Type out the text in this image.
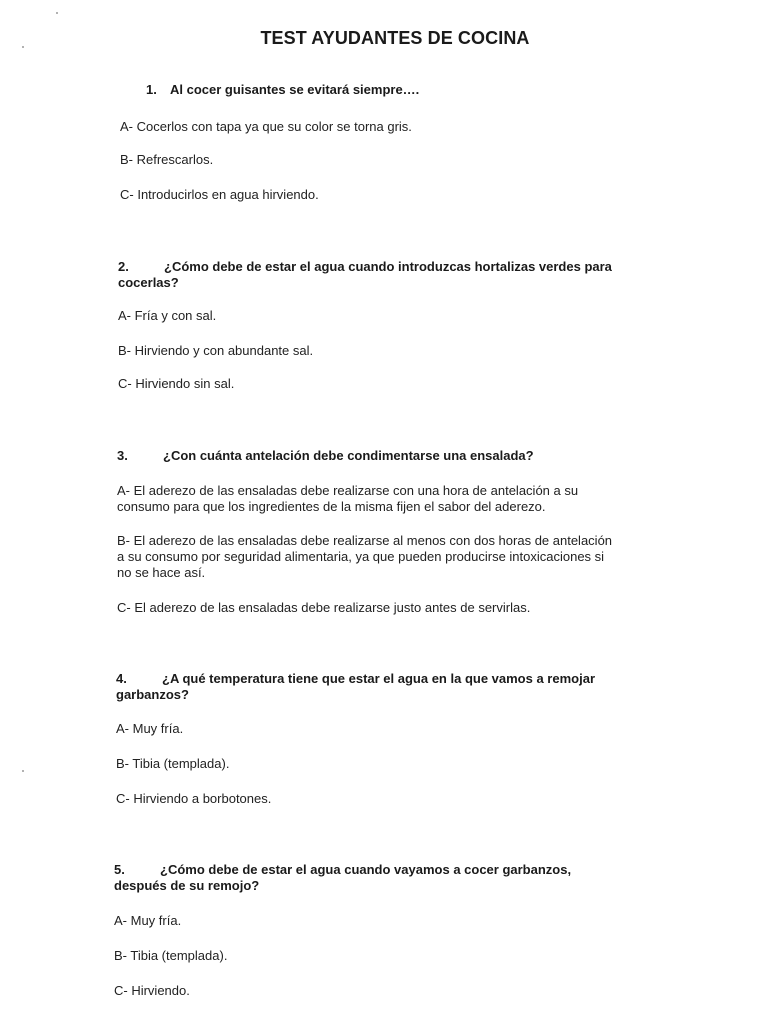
TEST AYUDANTES DE COCINA
1. Al cocer guisantes se evitará siempre….
A- Cocerlos con tapa ya que su color se torna gris.
B- Refrescarlos.
C- Introducirlos en agua hirviendo.
2.	¿Cómo debe de estar el agua cuando introduzcas hortalizas verdes para
cocerlas?
A- Fría y con sal.
B- Hirviendo y con abundante sal.
C- Hirviendo sin sal.
3.	¿Con cuánta antelación debe condimentarse una ensalada?
A- El aderezo de las ensaladas debe realizarse con una hora de antelación a su
consumo para que los ingredientes de la misma fijen el sabor del aderezo.
B- El aderezo de las ensaladas debe realizarse al menos con dos horas de antelación
a su consumo por seguridad alimentaria, ya que pueden producirse intoxicaciones si
no se hace así.
C- El aderezo de las ensaladas debe realizarse justo antes de servirlas.
4.	¿A qué temperatura tiene que estar el agua en la que vamos a remojar
garbanzos?
A- Muy fría.
B- Tibia (templada).
C- Hirviendo a borbotones.
5.	¿Cómo debe de estar el agua cuando vayamos a cocer garbanzos,
después de su remojo?
A- Muy fría.
B- Tibia (templada).
C- Hirviendo.
